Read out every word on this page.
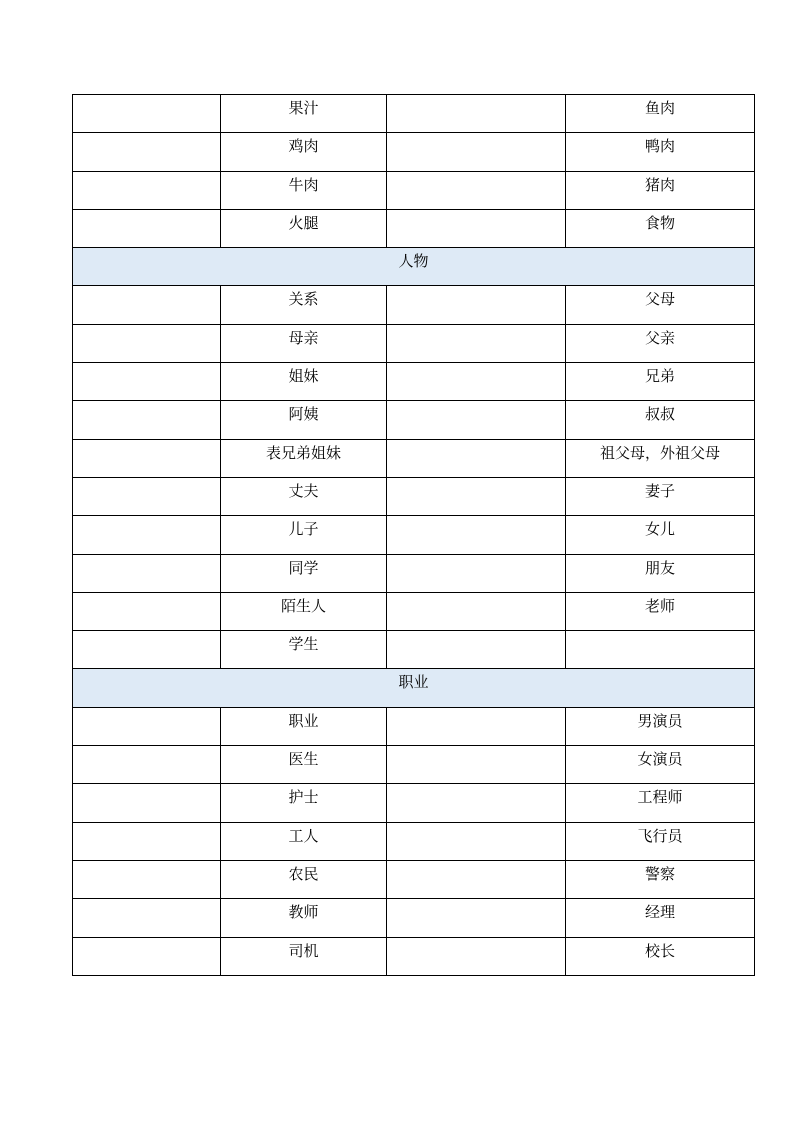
	果汁		鱼肉
	鸡肉		鸭肉
	牛肉		猪肉
	火腿		食物
人物			
	关系		父母
	母亲		父亲
	姐妹		兄弟
	阿姨		叔叔
	表兄弟姐妹		祖父母，外祖父母
	丈夫		妻子
	儿子		女儿
	同学		朋友
	陌生人		老师
	学生		
职业			
	职业		男演员
	医生		女演员
	护士		工程师
	工人		飞行员
	农民		警察
	教师		经理
	司机		校长
